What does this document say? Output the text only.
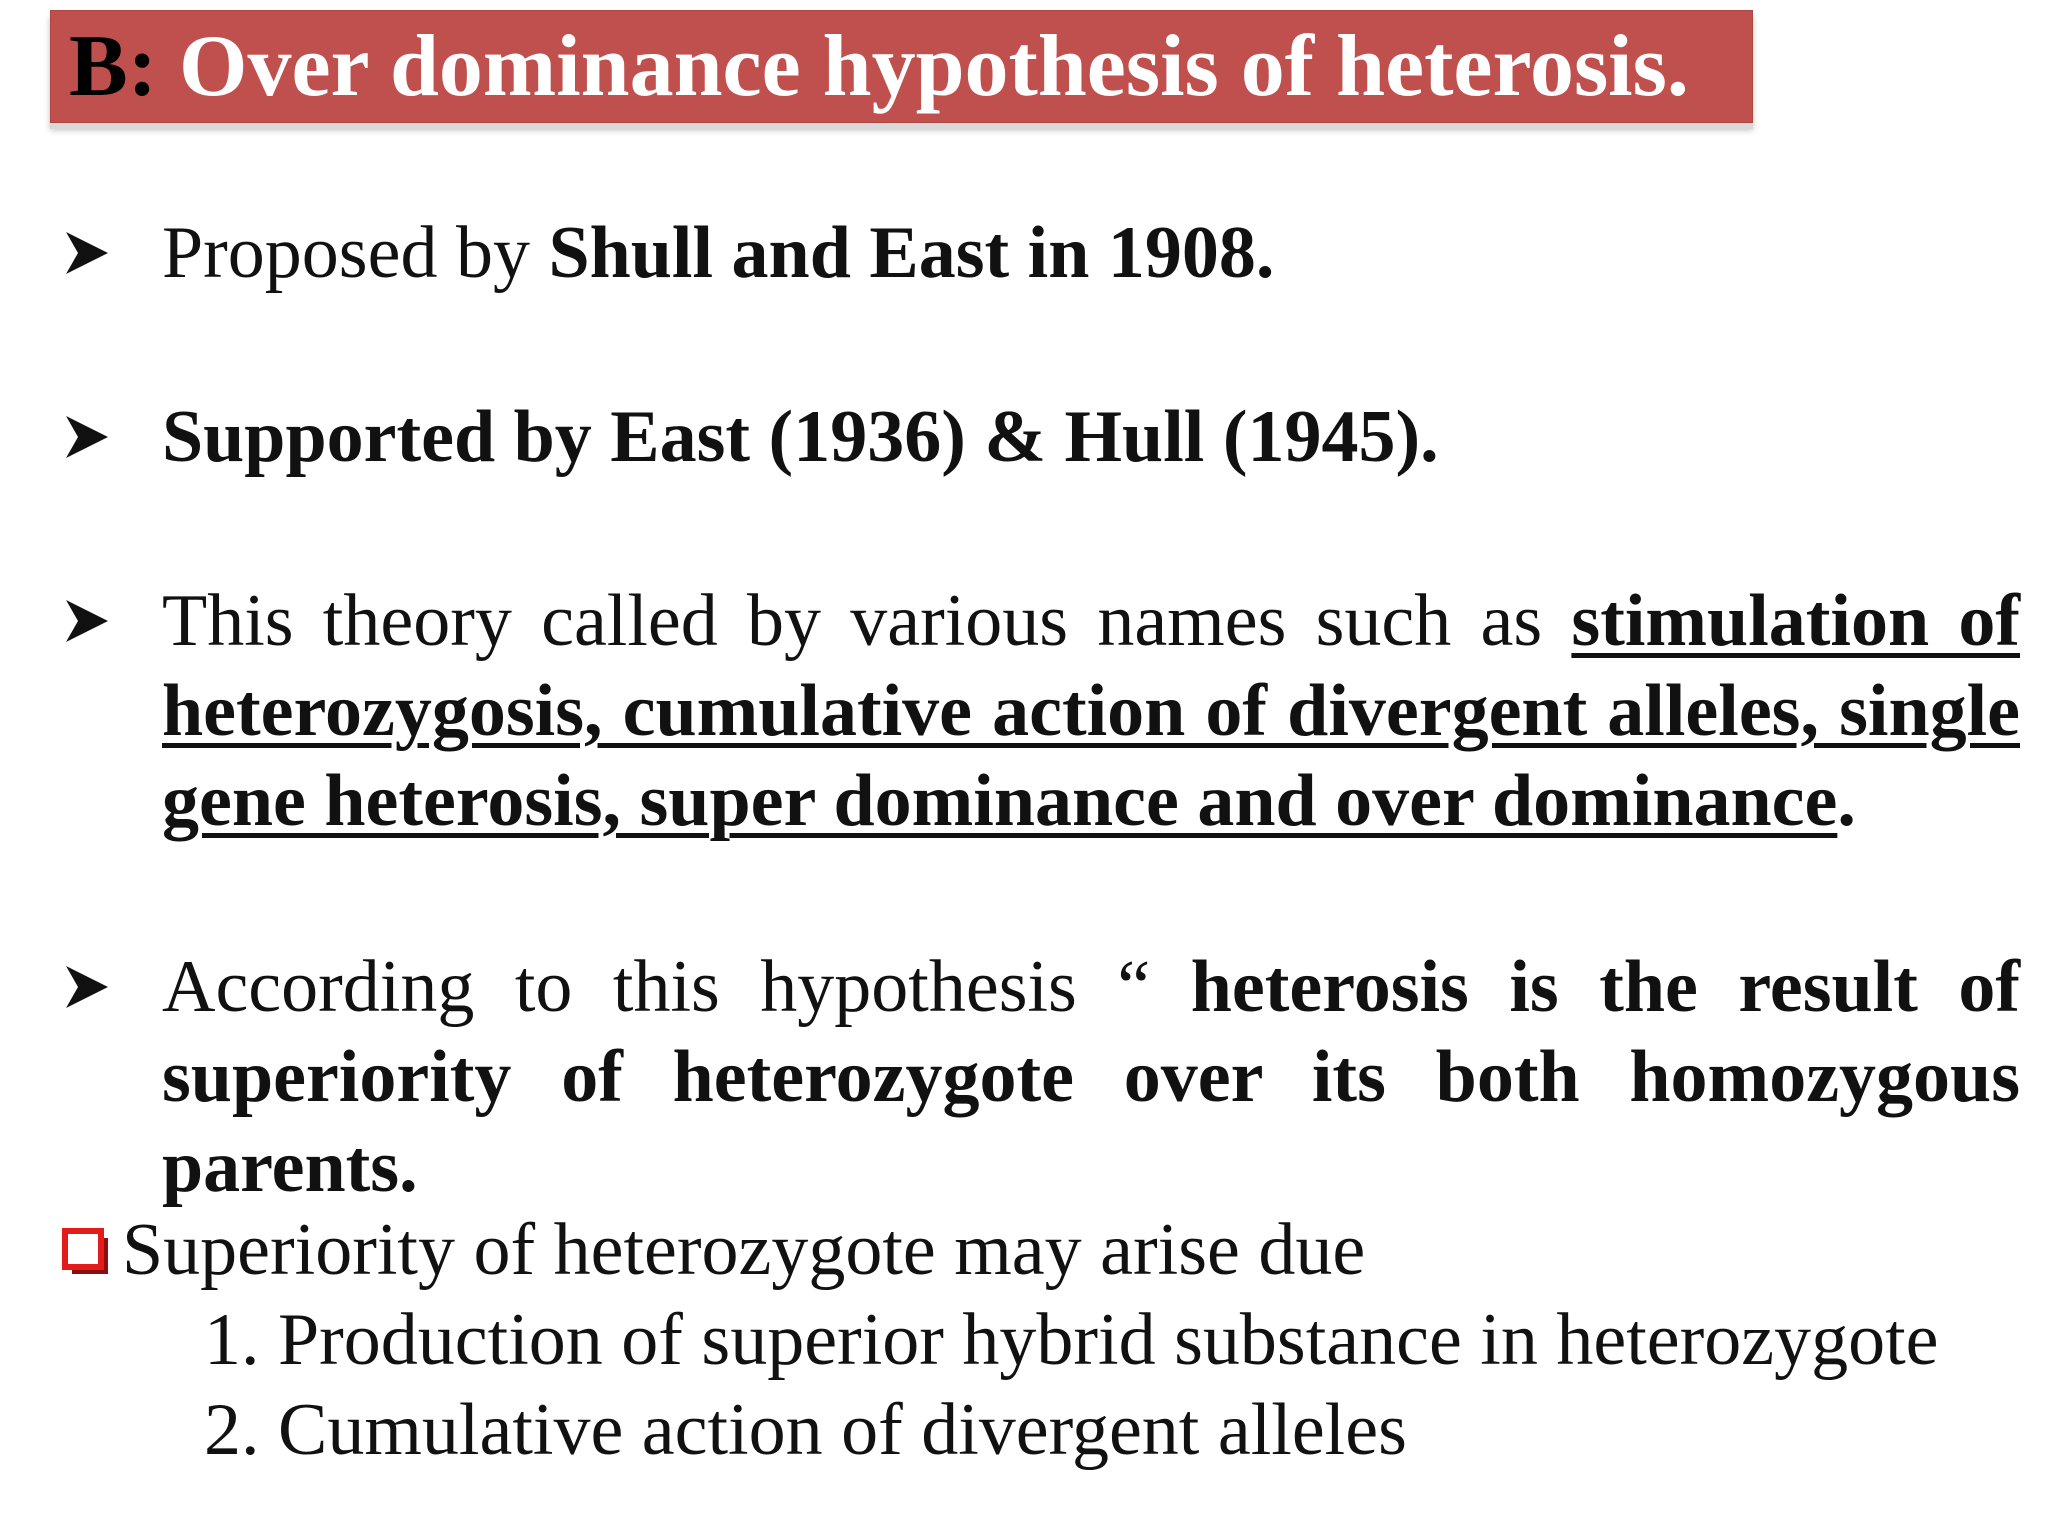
B: Over dominance hypothesis of heterosis.
Proposed by Shull and East in 1908.
Supported by East (1936) & Hull (1945).
This theory called by various names such as stimulation of heterozygosis, cumulative action of divergent alleles, single gene heterosis, super dominance and over dominance.
According to this hypothesis “ heterosis is the result of superiority of heterozygote over its both homozygous parents.
Superiority of heterozygote may arise due
1. Production of superior hybrid substance in heterozygote
2. Cumulative action of divergent alleles
